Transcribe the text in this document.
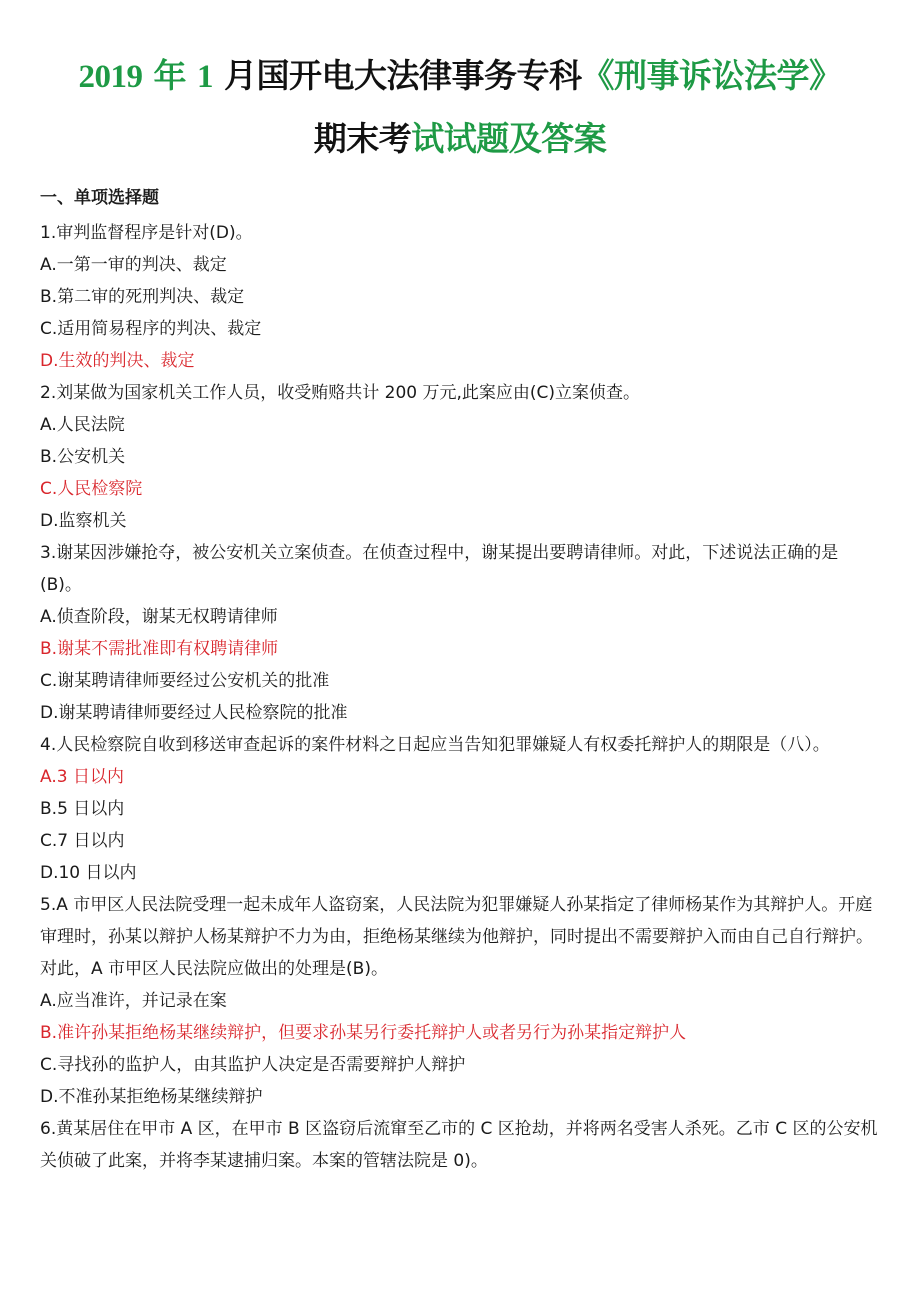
2019 年 1 月国开电大法律事务专科《刑事诉讼法学》
期末考试试题及答案
一、单项选择题
1.审判监督程序是针对(D)。
A.一第一审的判决、裁定
B.第二审的死刑判决、裁定
C.适用简易程序的判决、裁定
D.生效的判决、裁定
2.刘某做为国家机关工作人员，收受贿赂共计 200 万元,此案应由(C)立案侦查。
A.人民法院
B.公安机关
C.人民检察院
D.监察机关
3.谢某因涉嫌抢夺，被公安机关立案侦查。在侦查过程中，谢某提出要聘请律师。对此，下述说法正确的是(B)。
A.侦查阶段，谢某无权聘请律师
B.谢某不需批准即有权聘请律师
C.谢某聘请律师要经过公安机关的批准
D.谢某聘请律师要经过人民检察院的批准
4.人民检察院自收到移送审查起诉的案件材料之日起应当告知犯罪嫌疑人有权委托辩护人的期限是（八）。
A.3 日以内
B.5 日以内
C.7 日以内
D.10 日以内
5.A 市甲区人民法院受理一起未成年人盗窃案，人民法院为犯罪嫌疑人孙某指定了律师杨某作为其辩护人。开庭审理时，孙某以辩护人杨某辩护不力为由，拒绝杨某继续为他辩护，同时提出不需要辩护入而由自己自行辩护。对此，A 市甲区人民法院应做出的处理是(B)。
A.应当准许，并记录在案
B.准许孙某拒绝杨某继续辩护，但要求孙某另行委托辩护人或者另行为孙某指定辩护人
C.寻找孙的监护人，由其监护人决定是否需要辩护人辩护
D.不准孙某拒绝杨某继续辩护
6.黄某居住在甲市 A 区，在甲市 B 区盗窃后流窜至乙市的 C 区抢劫，并将两名受害人杀死。乙市 C 区的公安机关侦破了此案，并将李某逮捕归案。本案的管辖法院是 0)。
